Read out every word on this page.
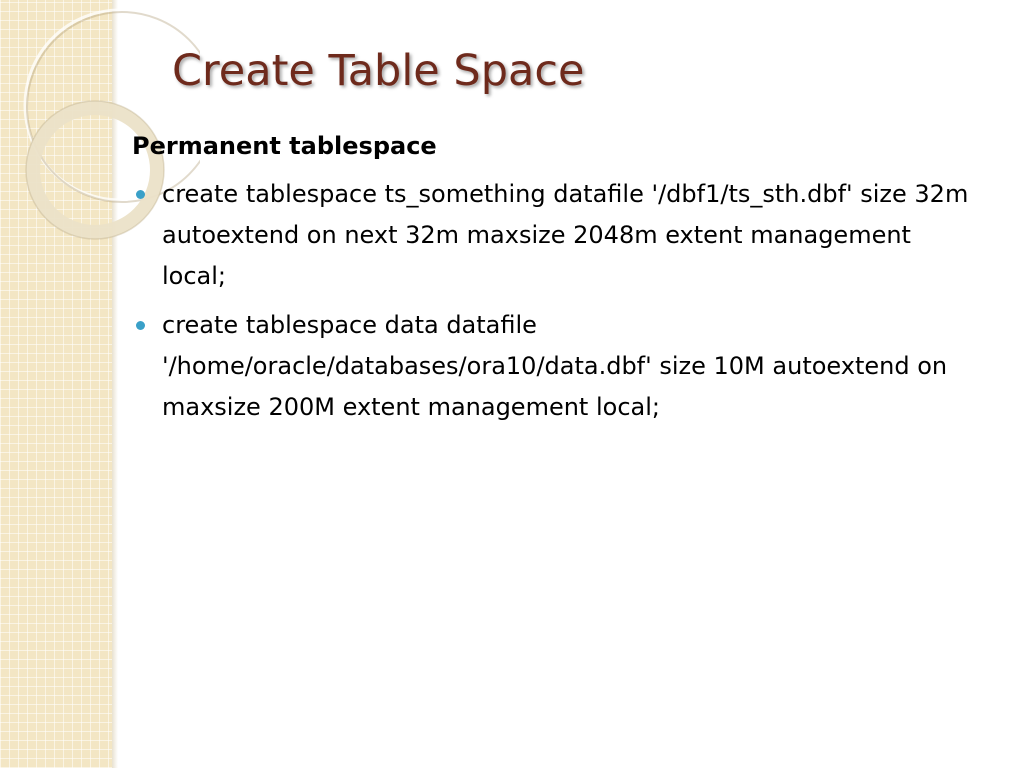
Create Table Space

Permanent tablespace

create tablespace ts_something datafile '/dbf1/ts_sth.dbf' size 32m autoextend on next 32m maxsize 2048m extent management local;
create tablespace data datafile '/home/oracle/databases/ora10/data.dbf' size 10M autoextend on maxsize 200M extent management local;
